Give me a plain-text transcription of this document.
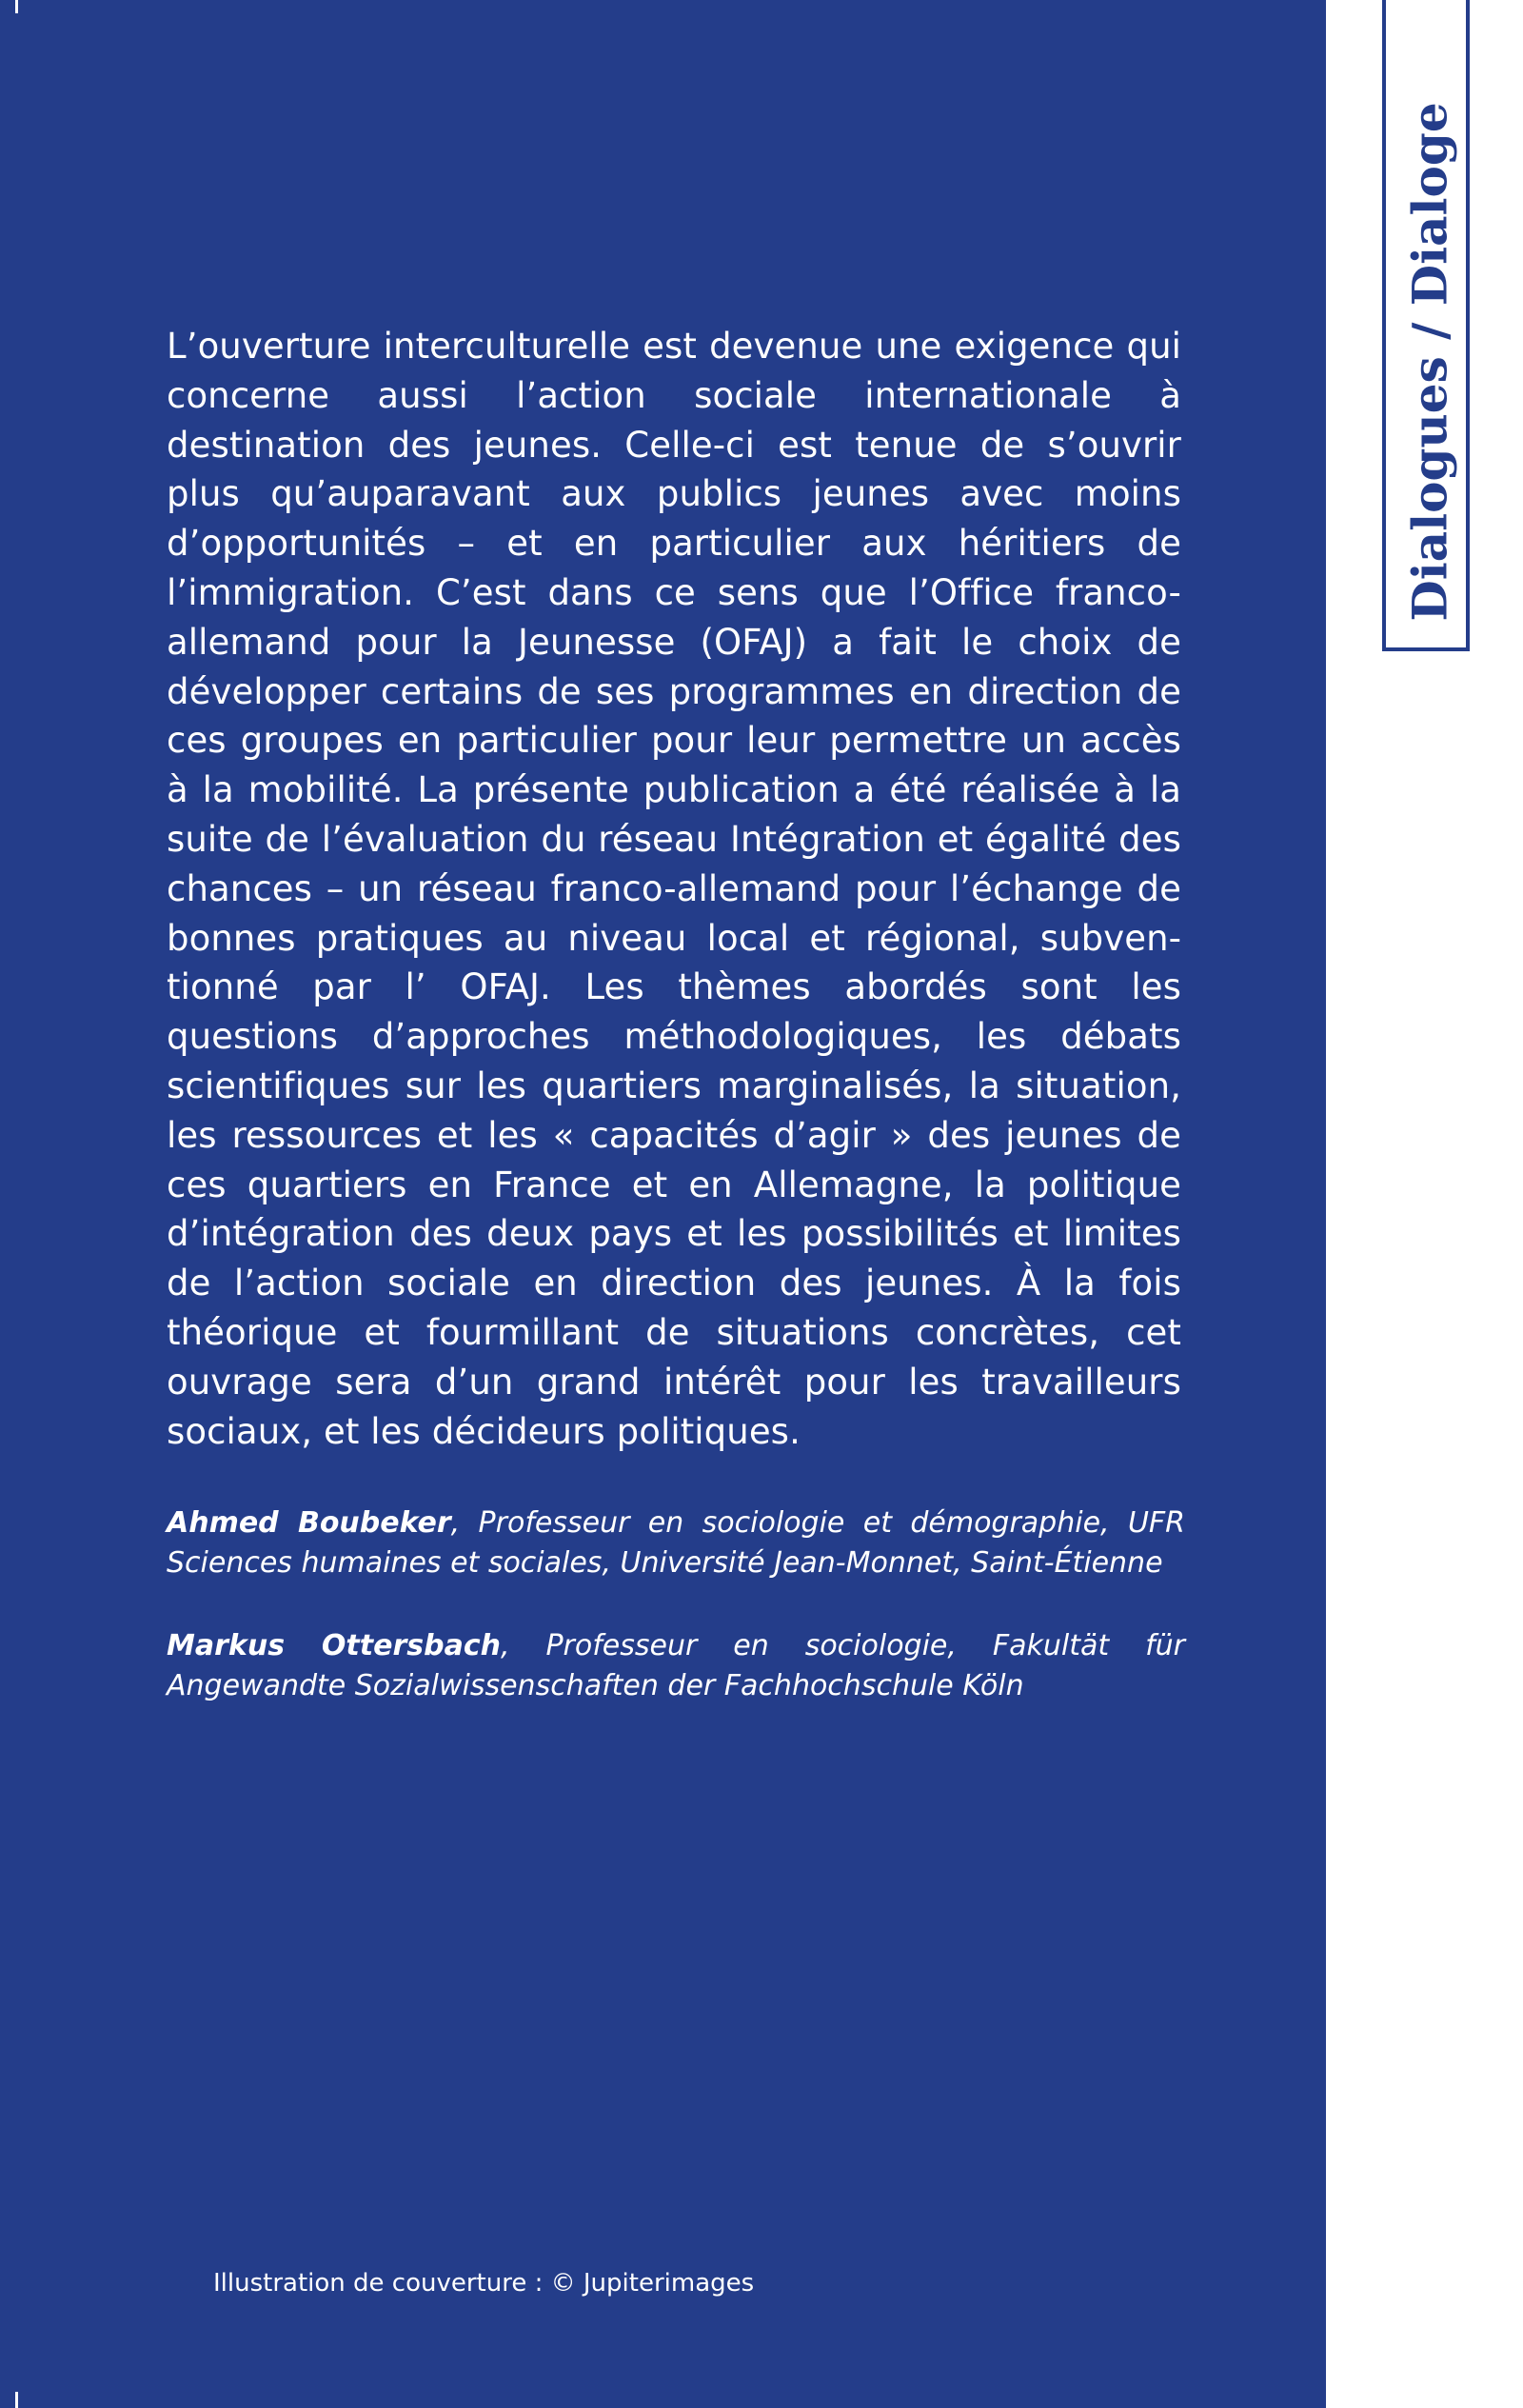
L’ouverture interculturelle est devenue une exigence qui concerne aussi l’action sociale internationale à destination des jeunes. Celle-ci est tenue de s’ouvrir plus qu’auparavant aux publics jeunes avec moins d’opportunités – et en particulier aux héritiers de l’immigration. C’est dans ce sens que l’Office franco-allemand pour la Jeunesse (OFAJ) a fait le choix de développer certains de ses programmes en direction de ces groupes en particulier pour leur permettre un accès à la mobilité. La présente publication a été réalisée à la suite de l’évaluation du réseau Intégration et égalité des chances – un réseau franco-allemand pour l’échange de bonnes pratiques au niveau local et régional, subventionné par l’ OFAJ. Les thèmes abordés sont les questions d’approches méthodologiques, les débats scientifiques sur les quartiers marginalisés, la situation, les ressources et les « capacités d’agir » des jeunes de ces quartiers en France et en Allemagne, la politique d’intégration des deux pays et les possibilités et limites de l’action sociale en direction des jeunes. À la fois théorique et fourmillant de situations concrètes, cet ouvrage sera d’un grand intérêt pour les travailleurs sociaux, et les décideurs politiques.

Ahmed Boubeker, Professeur en sociologie et démographie, UFR Sciences humaines et sociales, Université Jean-Monnet, Saint-Étienne

Markus Ottersbach, Professeur en sociologie, Fakultät für Angewandte Sozialwissenschaften der Fachhochschule Köln

Illustration de couverture : © Jupiterimages

Dialogues / Dialoge
